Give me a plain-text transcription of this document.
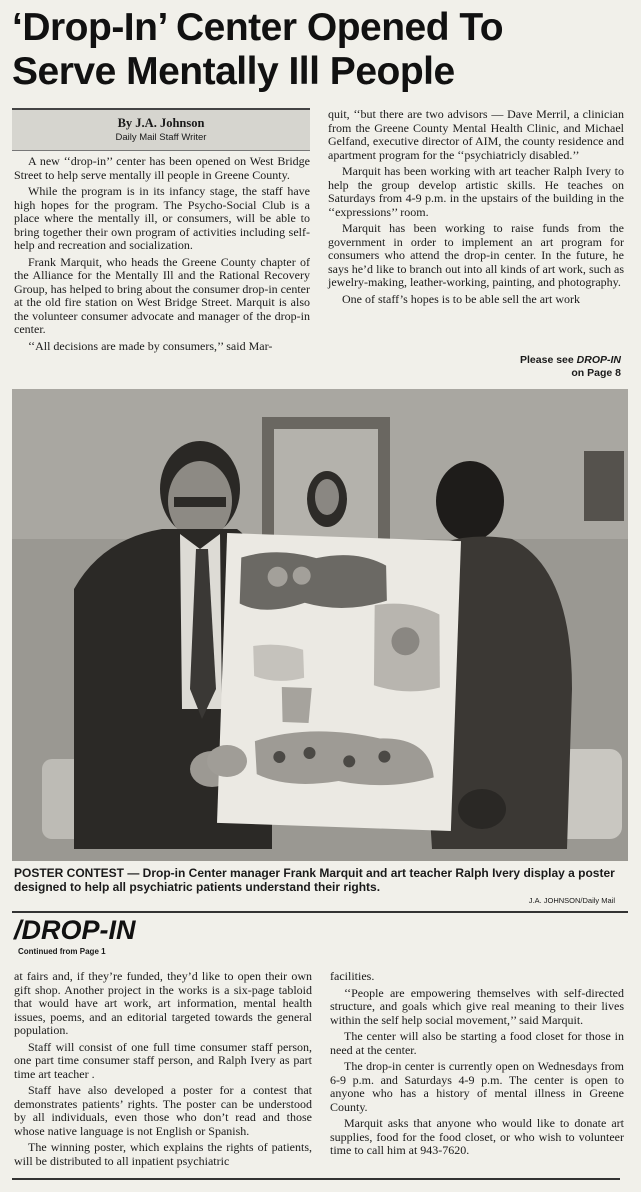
‘Drop-In’ Center Opened To
Serve Mentally Ill People
By J.A. Johnson
Daily Mail Staff Writer

A new ‘‘drop-in’’ center has been opened on West Bridge Street to help serve mentally ill people in Greene County.

While the program is in its infancy stage, the staff have high hopes for the program. The Psycho-Social Club is a place where the mentally ill, or consumers, will be able to bring together their own program of activities including self-help and recreation and socialization.

Frank Marquit, who heads the Greene County chapter of the Alliance for the Mentally Ill and the Rational Recovery Group, has helped to bring about the consumer drop-in center at the old fire station on West Bridge Street. Marquit is also the volunteer consumer advocate and manager of the drop-in center.

‘‘All decisions are made by consumers,’’ said Mar-

quit, ‘‘but there are two advisors — Dave Merril, a clinician from the Greene County Mental Health Clinic, and Michael Gelfand, executive director of AIM, the county residence and apartment program for the ‘‘psychiatricly disabled.’’

Marquit has been working with art teacher Ralph Ivery to help the group develop artistic skills. He teaches on Saturdays from 4-9 p.m. in the upstairs of the building in the ‘‘expressions’’ room.

Marquit has been working to raise funds from the government in order to implement an art program for consumers who attend the drop-in center. In the future, he says he’d like to branch out into all kinds of art work, such as jewelry-making, leather-working, painting, and photography.

One of staff’s hopes is to be able sell the art work

Please see DROP-IN
on Page 8
POSTER CONTEST — Drop-in Center manager Frank Marquit and art teacher Ralph Ivery display a poster designed to help all psychiatric patients understand their rights.
J.A. JOHNSON/Daily Mail
/DROP-IN
Continued from Page 1

at fairs and, if they’re funded, they’d like to open their own gift shop. Another project in the works is a six-page tabloid that would have art work, art information, mental health issues, poems, and an editorial targeted towards the general population.

Staff will consist of one full time consumer staff person, one part time consumer staff person, and Ralph Ivery as part time art teacher .

Staff have also developed a poster for a contest that demonstrates patients’ rights. The poster can be understood by all individuals, even those who don’t read and those whose native language is not English or Spanish.

The winning poster, which explains the rights of patients, will be distributed to all inpatient psychiatric

facilities.

‘‘People are empowering themselves with self-directed structure, and goals which give real meaning to their lives within the self help social movement,’’ said Marquit.

The center will also be starting a food closet for those in need at the center.

The drop-in center is currently open on Wednesdays from 6-9 p.m. and Saturdays 4-9 p.m. The center is open to anyone who has a history of mental illness in Greene County.

Marquit asks that anyone who would like to donate art supplies, food for the food closet, or who wish to volunteer time to call him at 943-7620.
